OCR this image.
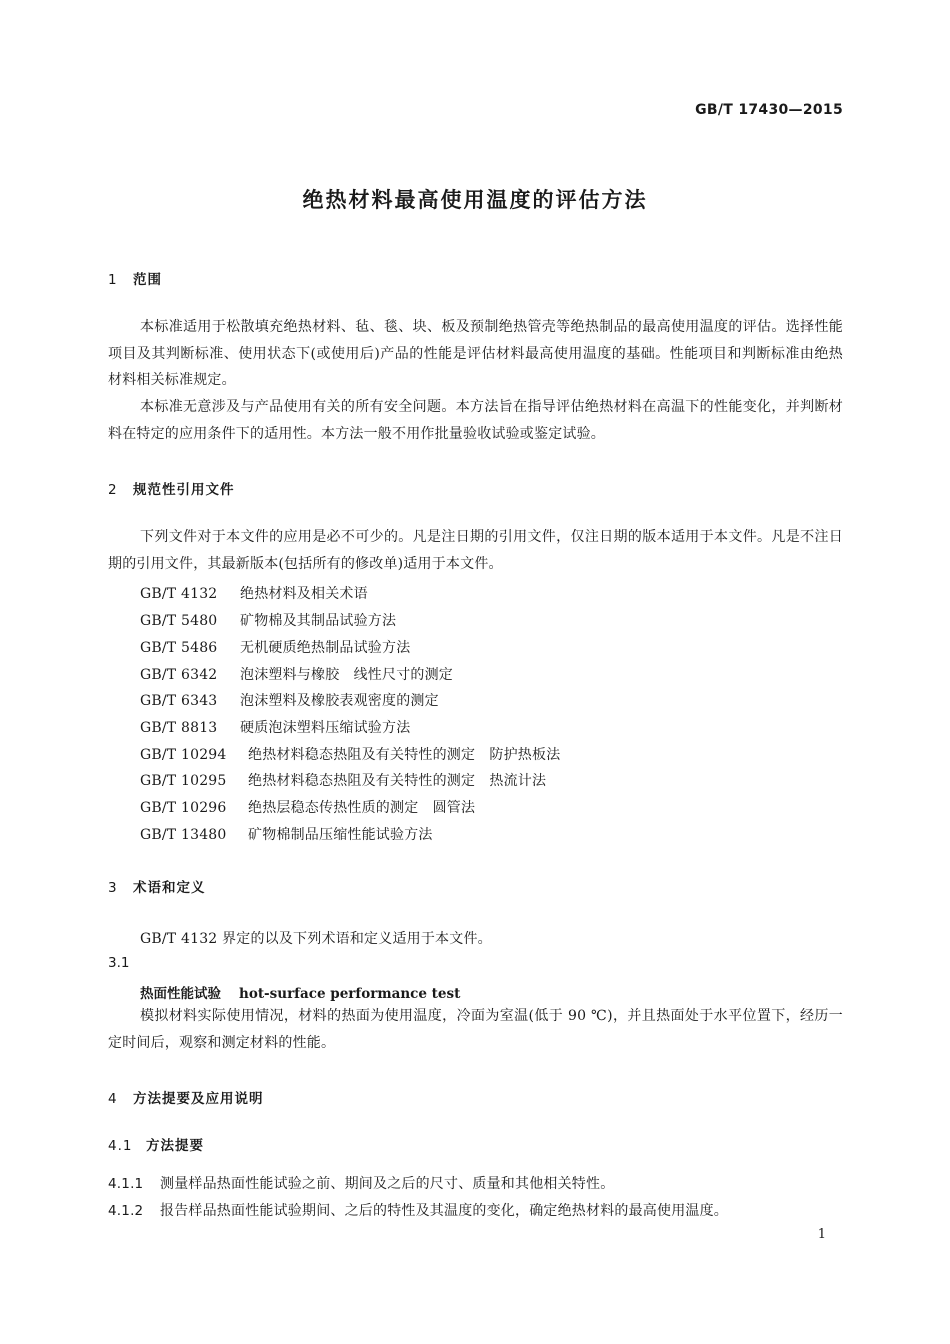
GB/T 17430—2015
绝热材料最高使用温度的评估方法
1 范围
本标准适用于松散填充绝热材料、毡、毯、块、板及预制绝热管壳等绝热制品的最高使用温度的评估。选择性能项目及其判断标准、使用状态下(或使用后)产品的性能是评估材料最高使用温度的基础。性能项目和判断标准由绝热材料相关标准规定。
本标准无意涉及与产品使用有关的所有安全问题。本方法旨在指导评估绝热材料在高温下的性能变化，并判断材料在特定的应用条件下的适用性。本方法一般不用作批量验收试验或鉴定试验。
2 规范性引用文件
下列文件对于本文件的应用是必不可少的。凡是注日期的引用文件，仅注日期的版本适用于本文件。凡是不注日期的引用文件，其最新版本(包括所有的修改单)适用于本文件。
GB/T 4132 绝热材料及相关术语
GB/T 5480 矿物棉及其制品试验方法
GB/T 5486 无机硬质绝热制品试验方法
GB/T 6342 泡沫塑料与橡胶　线性尺寸的测定
GB/T 6343 泡沫塑料及橡胶表观密度的测定
GB/T 8813 硬质泡沫塑料压缩试验方法
GB/T 10294 绝热材料稳态热阻及有关特性的测定　防护热板法
GB/T 10295 绝热材料稳态热阻及有关特性的测定　热流计法
GB/T 10296 绝热层稳态传热性质的测定　圆管法
GB/T 13480 矿物棉制品压缩性能试验方法
3 术语和定义
GB/T 4132 界定的以及下列术语和定义适用于本文件。
3.1
热面性能试验 hot-surface performance test
模拟材料实际使用情况，材料的热面为使用温度，冷面为室温(低于 90 ℃)，并且热面处于水平位置下，经历一定时间后，观察和测定材料的性能。
4 方法提要及应用说明
4.1 方法提要
4.1.1 测量样品热面性能试验之前、期间及之后的尺寸、质量和其他相关特性。
4.1.2 报告样品热面性能试验期间、之后的特性及其温度的变化，确定绝热材料的最高使用温度。
1
